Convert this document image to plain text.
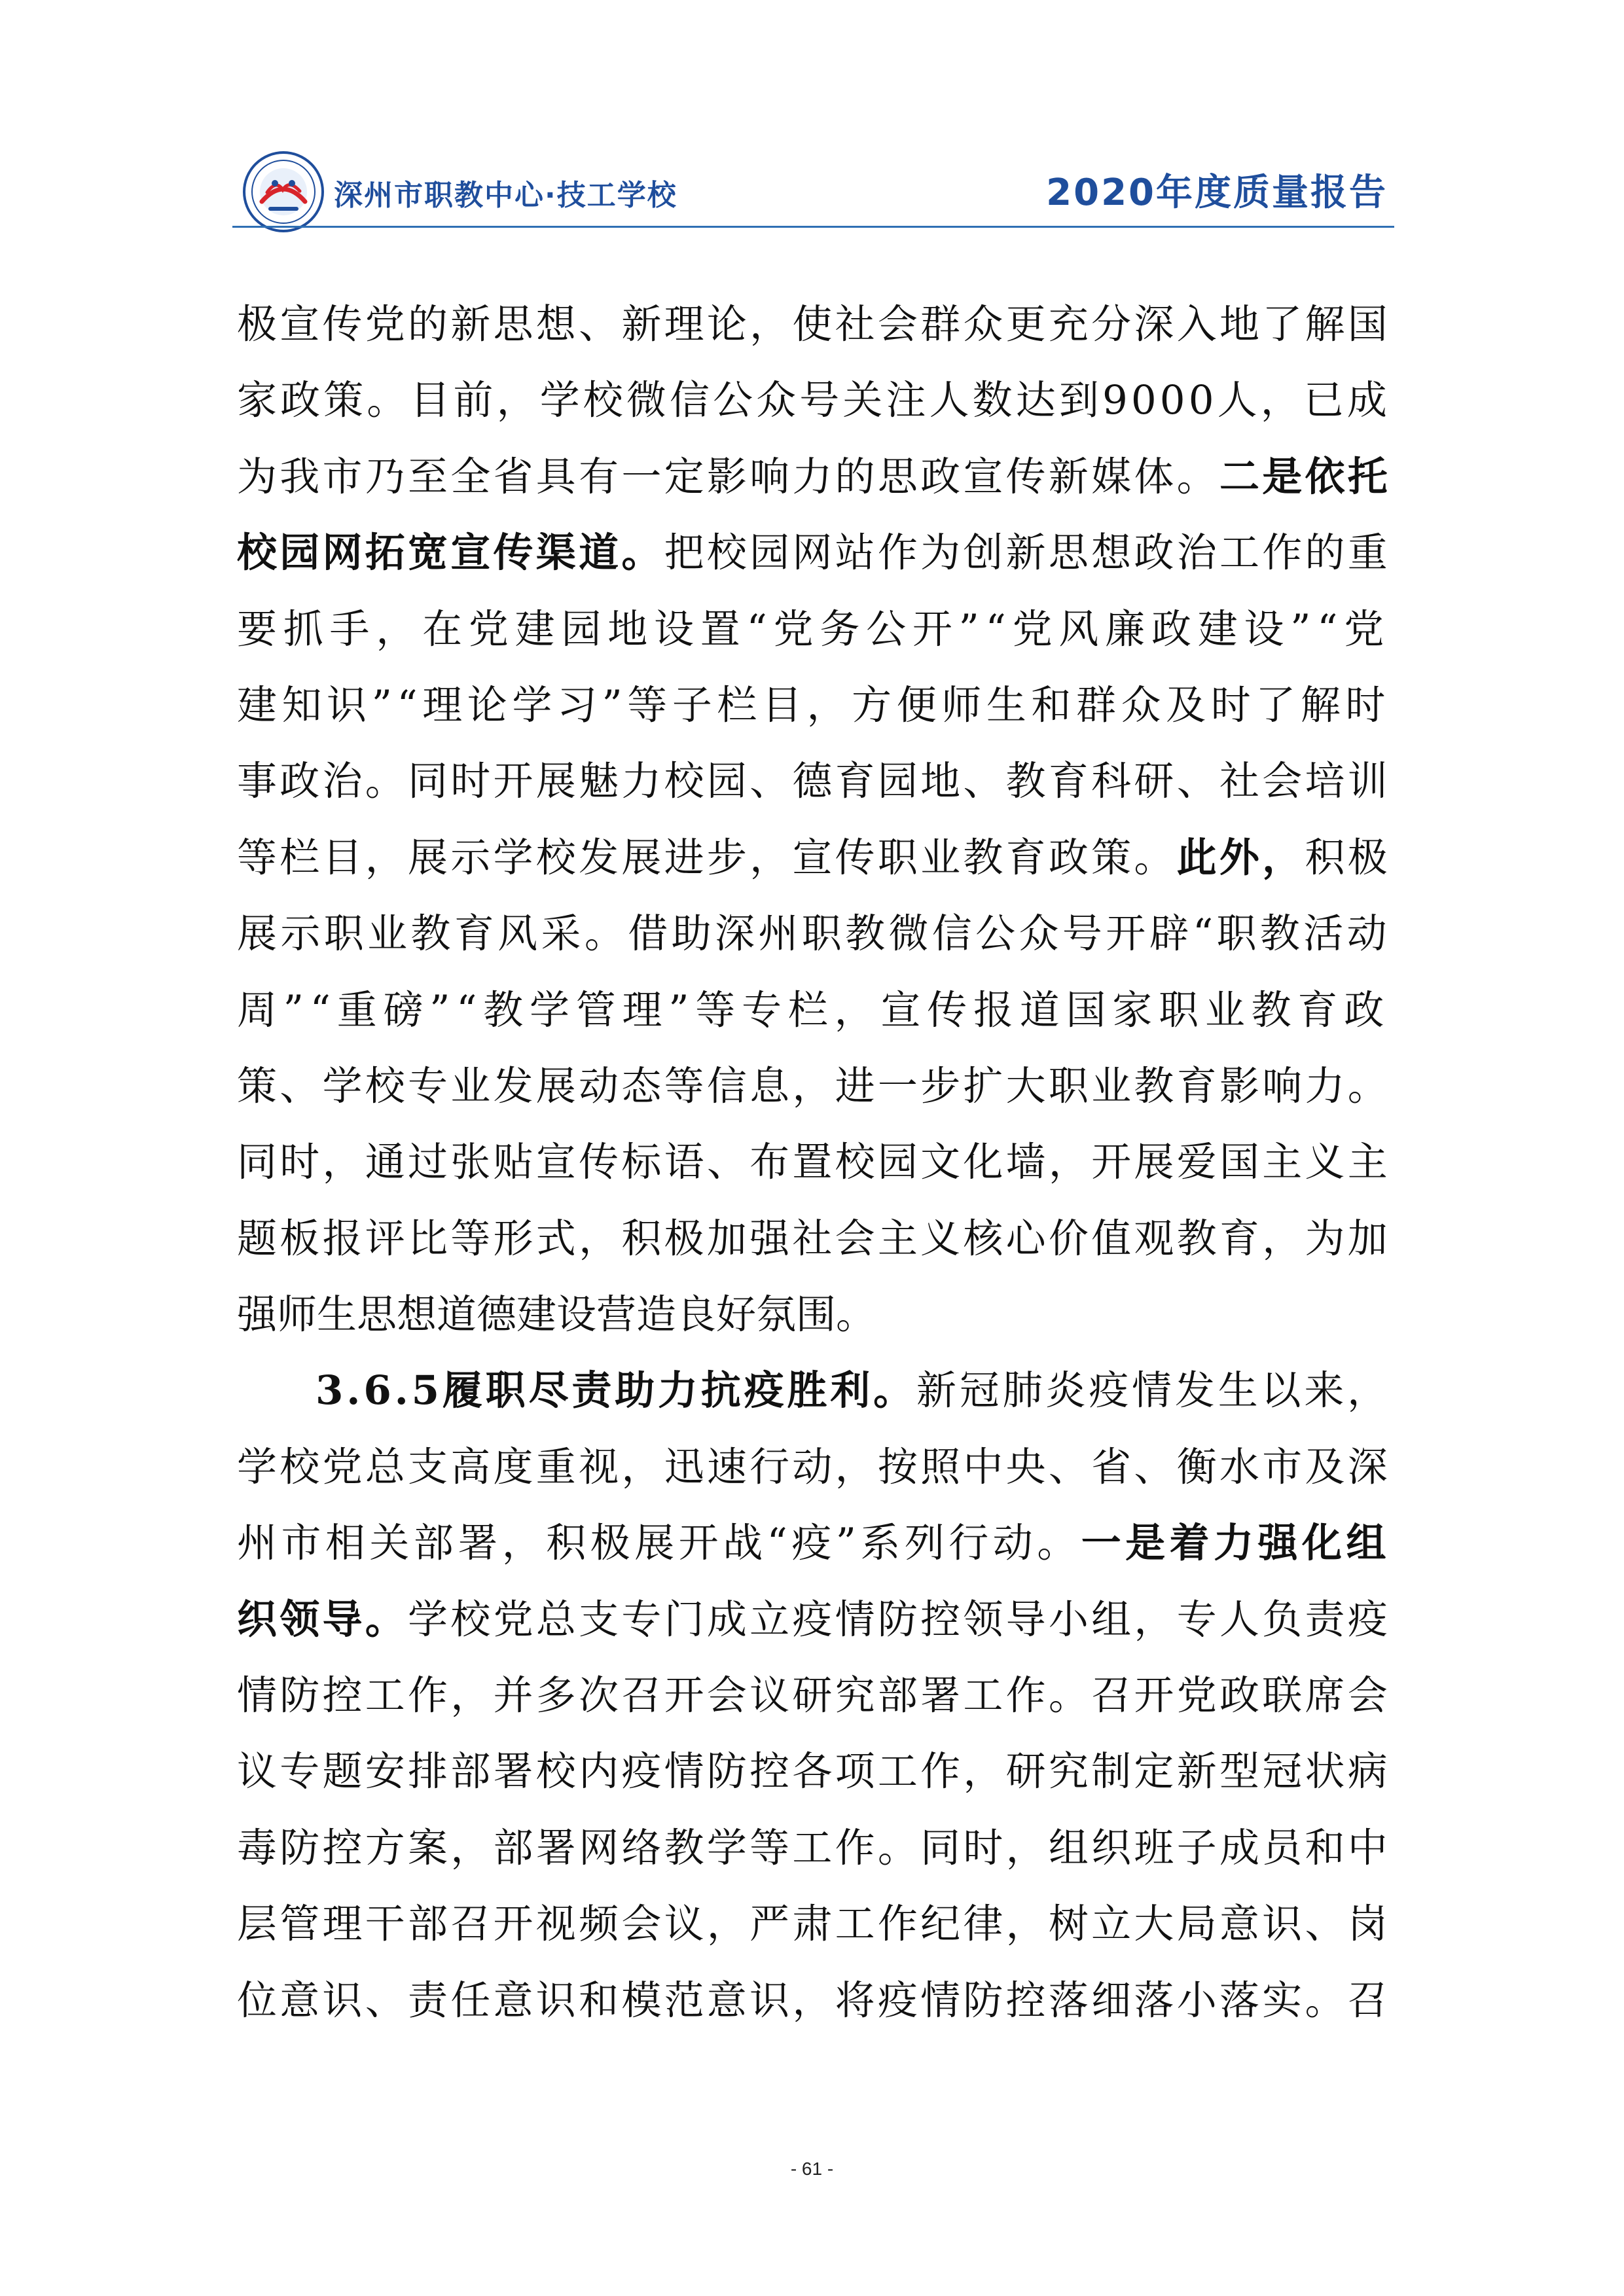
深州市职教中心·技工学校	2020年度质量报告
极宣传党的新思想、新理论，使社会群众更充分深入地了解国
家政策。目前，学校微信公众号关注人数达到9000人，已成
为我市乃至全省具有一定影响力的思政宣传新媒体。二是依托
校园网拓宽宣传渠道。把校园网站作为创新思想政治工作的重
要抓手，在党建园地设置“党务公开”“党风廉政建设”“党
建知识”“理论学习”等子栏目，方便师生和群众及时了解时
事政治。同时开展魅力校园、德育园地、教育科研、社会培训
等栏目，展示学校发展进步，宣传职业教育政策。此外，积极
展示职业教育风采。借助深州职教微信公众号开辟“职教活动
周”“重磅”“教学管理”等专栏，宣传报道国家职业教育政
策、学校专业发展动态等信息，进一步扩大职业教育影响力。
同时，通过张贴宣传标语、布置校园文化墙，开展爱国主义主
题板报评比等形式，积极加强社会主义核心价值观教育，为加
强师生思想道德建设营造良好氛围。
3.6.5履职尽责助力抗疫胜利。新冠肺炎疫情发生以来，
学校党总支高度重视，迅速行动，按照中央、省、衡水市及深
州市相关部署，积极展开战“疫”系列行动。一是着力强化组
织领导。学校党总支专门成立疫情防控领导小组，专人负责疫
情防控工作，并多次召开会议研究部署工作。召开党政联席会
议专题安排部署校内疫情防控各项工作，研究制定新型冠状病
毒防控方案，部署网络教学等工作。同时，组织班子成员和中
层管理干部召开视频会议，严肃工作纪律，树立大局意识、岗
位意识、责任意识和模范意识，将疫情防控落细落小落实。召
- 61 -
